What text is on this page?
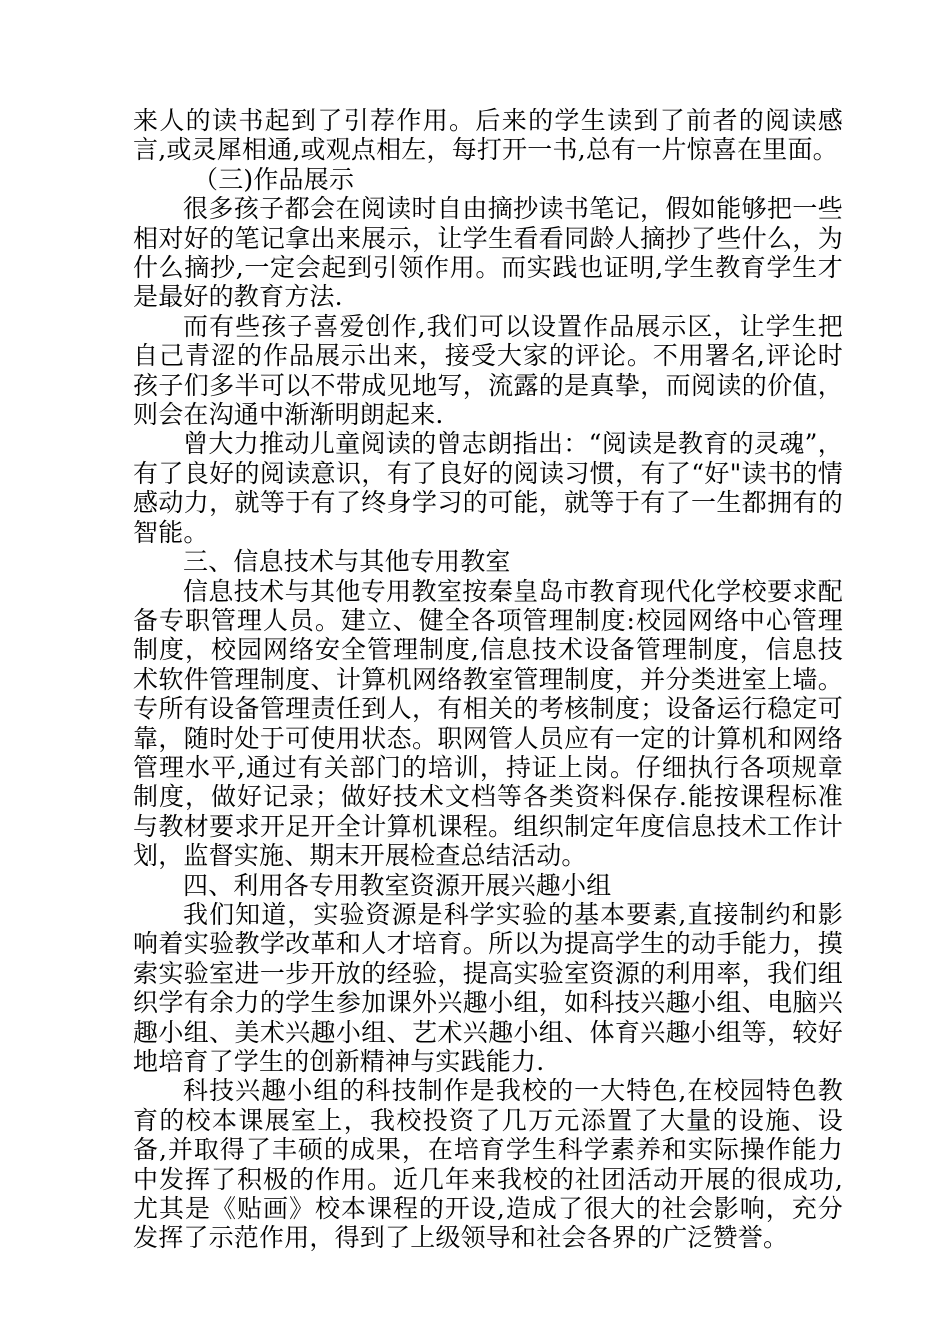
来人的读书起到了引荐作用。后来的学生读到了前者的阅读感言,或灵犀相通,或观点相左，每打开一书,总有一片惊喜在里面。

（三)作品展示

很多孩子都会在阅读时自由摘抄读书笔记，假如能够把一些相对好的笔记拿出来展示，让学生看看同龄人摘抄了些什么，为什么摘抄,一定会起到引领作用。而实践也证明,学生教育学生才是最好的教育方法.

而有些孩子喜爱创作,我们可以设置作品展示区，让学生把自己青涩的作品展示出来，接受大家的评论。不用署名,评论时孩子们多半可以不带成见地写，流露的是真挚，而阅读的价值，则会在沟通中渐渐明朗起来.

曾大力推动儿童阅读的曾志朗指出：“阅读是教育的灵魂”，有了良好的阅读意识，有了良好的阅读习惯，有了“好"读书的情感动力，就等于有了终身学习的可能，就等于有了一生都拥有的智能。

三、信息技术与其他专用教室

信息技术与其他专用教室按秦皇岛市教育现代化学校要求配备专职管理人员。建立、健全各项管理制度:校园网络中心管理制度，校园网络安全管理制度,信息技术设备管理制度，信息技术软件管理制度、计算机网络教室管理制度，并分类进室上墙。专所有设备管理责任到人，有相关的考核制度；设备运行稳定可靠，随时处于可使用状态。职网管人员应有一定的计算机和网络管理水平,通过有关部门的培训，持证上岗。仔细执行各项规章制度，做好记录；做好技术文档等各类资料保存.能按课程标准与教材要求开足开全计算机课程。组织制定年度信息技术工作计划，监督实施、期末开展检查总结活动。

四、利用各专用教室资源开展兴趣小组

我们知道，实验资源是科学实验的基本要素,直接制约和影响着实验教学改革和人才培育。所以为提高学生的动手能力，摸索实验室进一步开放的经验，提高实验室资源的利用率，我们组织学有余力的学生参加课外兴趣小组，如科技兴趣小组、电脑兴趣小组、美术兴趣小组、艺术兴趣小组、体育兴趣小组等，较好地培育了学生的创新精神与实践能力.

科技兴趣小组的科技制作是我校的一大特色,在校园特色教育的校本课展室上，我校投资了几万元添置了大量的设施、设备,并取得了丰硕的成果，在培育学生科学素养和实际操作能力中发挥了积极的作用。近几年来我校的社团活动开展的很成功,尤其是《贴画》校本课程的开设,造成了很大的社会影响，充分发挥了示范作用，得到了上级领导和社会各界的广泛赞誉。
